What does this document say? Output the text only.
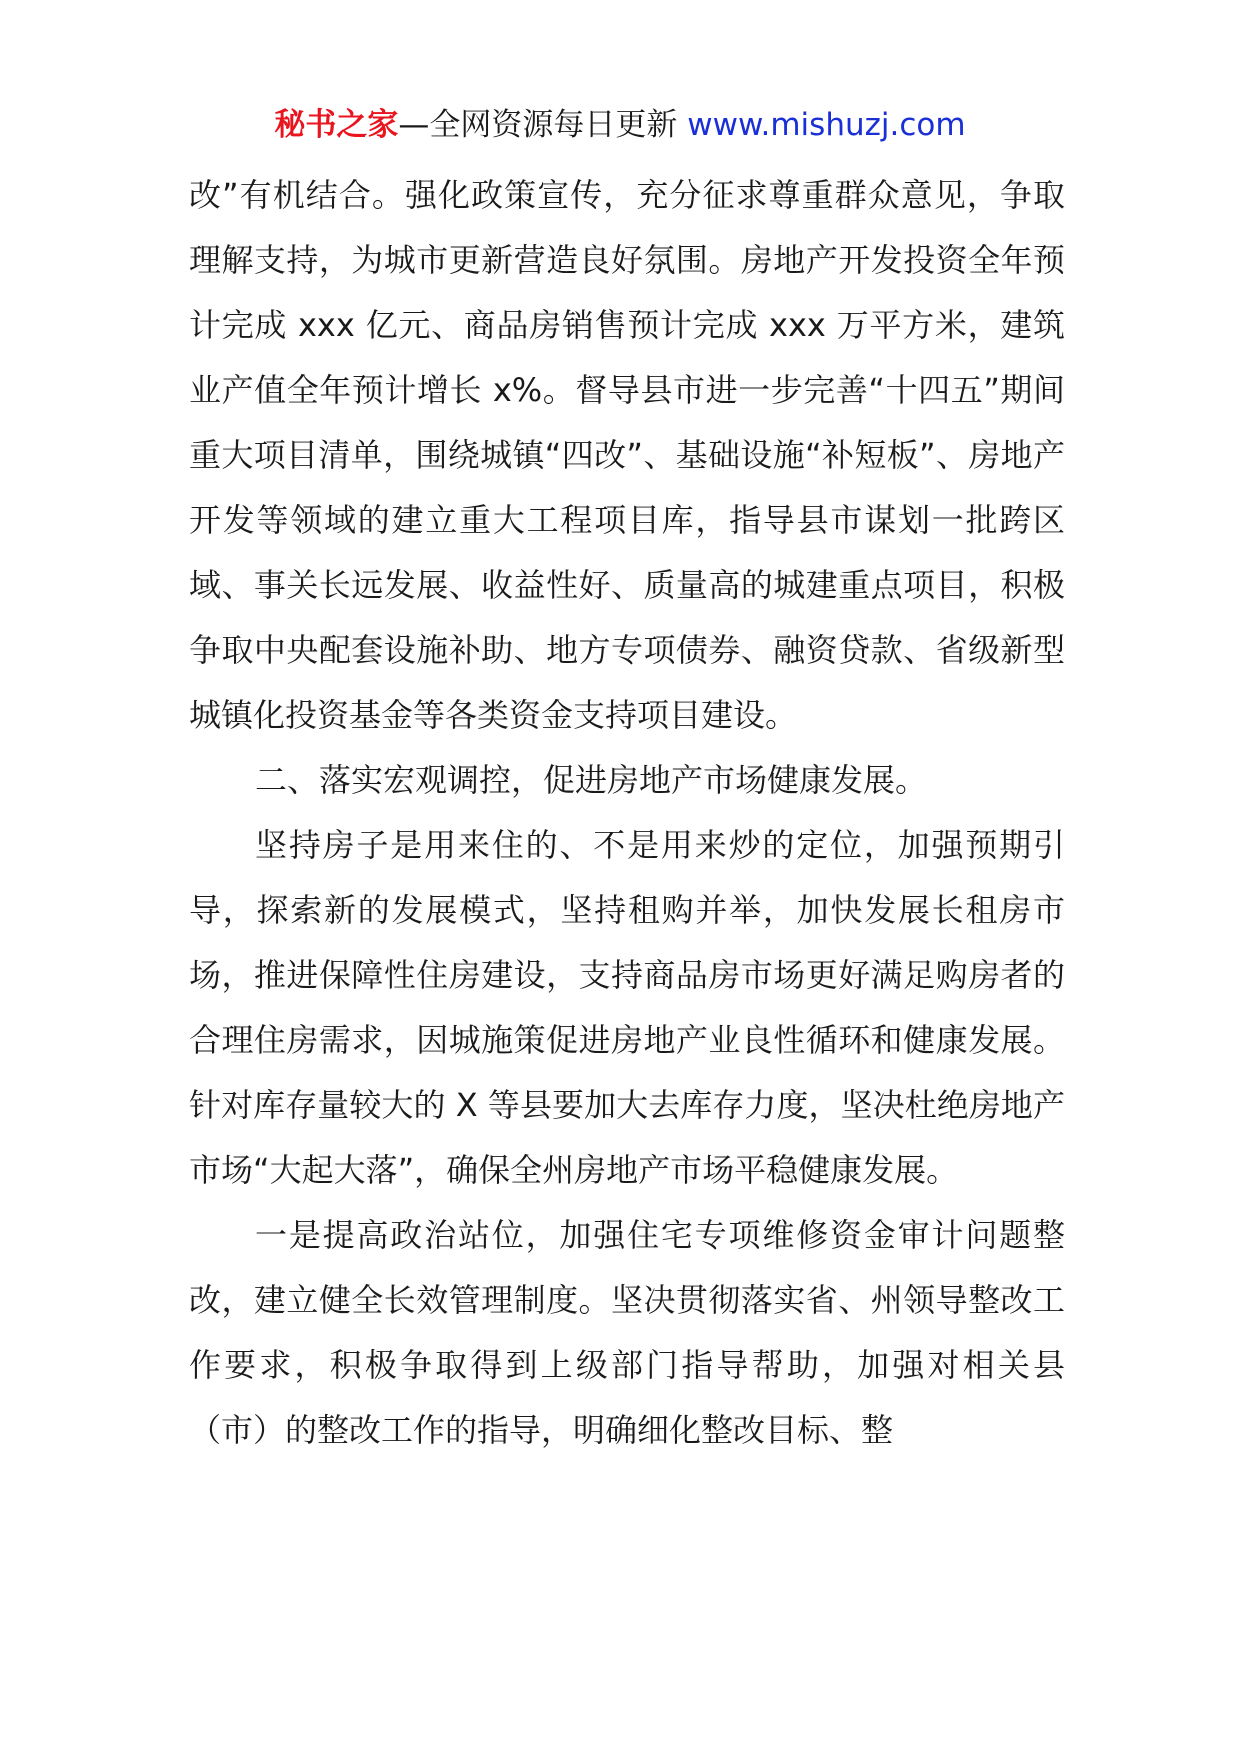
秘书之家—全网资源每日更新 www.mishuzj.com

改”有机结合。强化政策宣传，充分征求尊重群众意见，争取理解支持，为城市更新营造良好氛围。房地产开发投资全年预计完成 xxx 亿元、商品房销售预计完成 xxx 万平方米，建筑业产值全年预计增长 x%。督导县市进一步完善“十四五”期间重大项目清单，围绕城镇“四改”、基础设施“补短板”、房地产开发等领域的建立重大工程项目库，指导县市谋划一批跨区域、事关长远发展、收益性好、质量高的城建重点项目，积极争取中央配套设施补助、地方专项债券、融资贷款、省级新型城镇化投资基金等各类资金支持项目建设。

二、落实宏观调控，促进房地产市场健康发展。

坚持房子是用来住的、不是用来炒的定位，加强预期引导，探索新的发展模式，坚持租购并举，加快发展长租房市场，推进保障性住房建设，支持商品房市场更好满足购房者的合理住房需求，因城施策促进房地产业良性循环和健康发展。针对库存量较大的 X 等县要加大去库存力度，坚决杜绝房地产市场“大起大落”，确保全州房地产市场平稳健康发展。

一是提高政治站位，加强住宅专项维修资金审计问题整改，建立健全长效管理制度。坚决贯彻落实省、州领导整改工作要求，积极争取得到上级部门指导帮助，加强对相关县（市）的整改工作的指导，明确细化整改目标、整
